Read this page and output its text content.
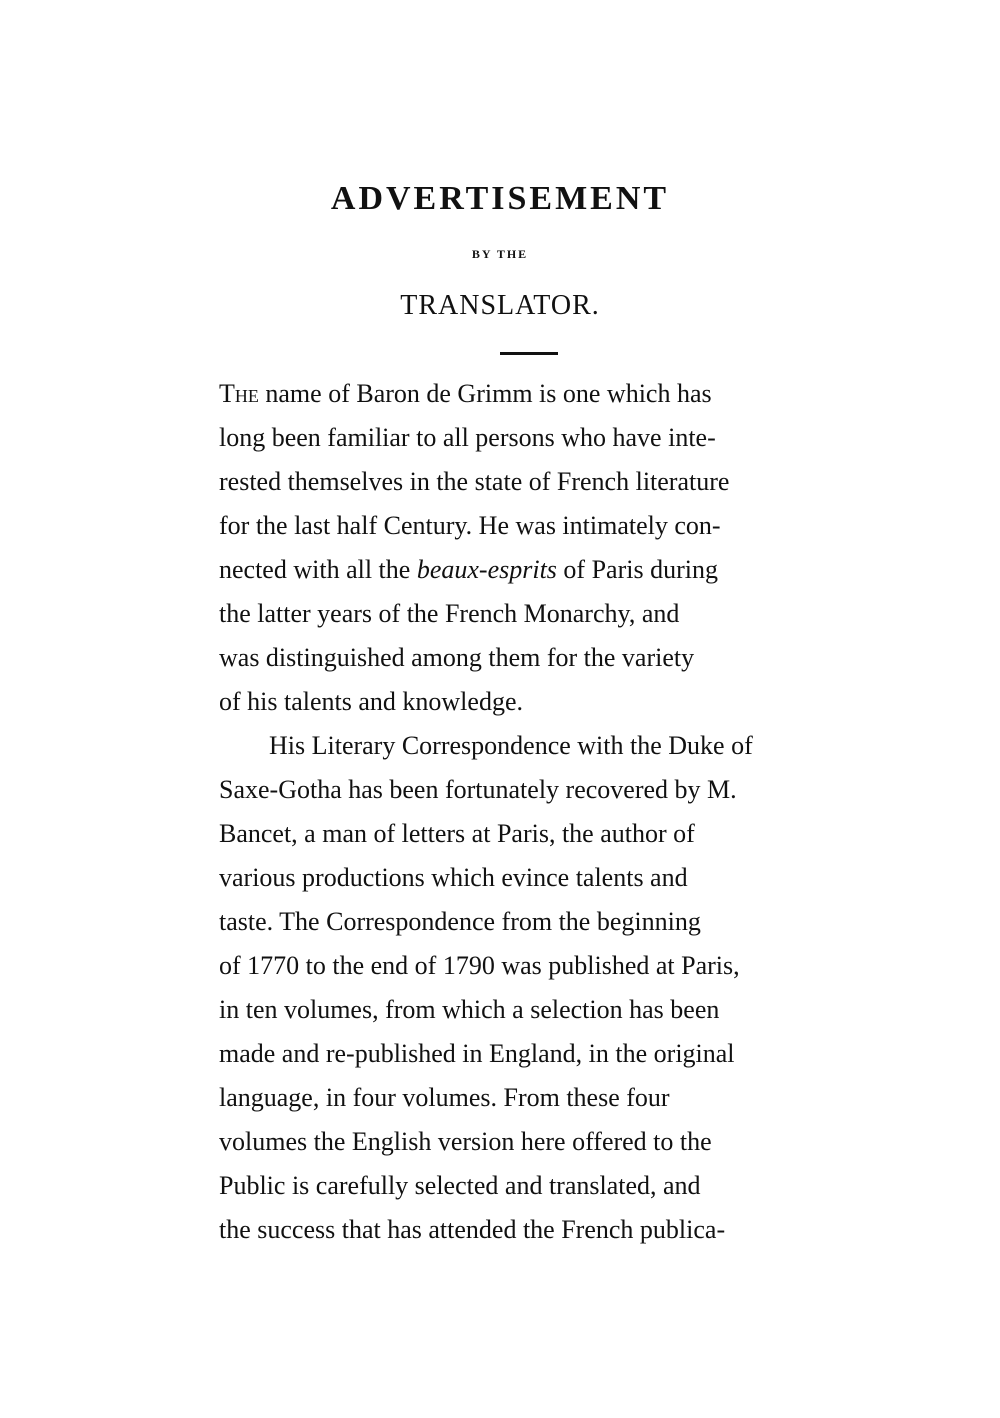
ADVERTISEMENT
BY THE
TRANSLATOR.
The name of Baron de Grimm is one which has
long been familiar to all persons who have inte-
rested themselves in the state of French literature
for the last half Century. He was intimately con-
nected with all the beaux-esprits of Paris during
the latter years of the French Monarchy, and
was distinguished among them for the variety
of his talents and knowledge.
His Literary Correspondence with the Duke of
Saxe-Gotha has been fortunately recovered by M.
Bancet, a man of letters at Paris, the author of
various productions which evince talents and
taste. The Correspondence from the beginning
of 1770 to the end of 1790 was published at Paris,
in ten volumes, from which a selection has been
made and re-published in England, in the original
language, in four volumes. From these four
volumes the English version here offered to the
Public is carefully selected and translated, and
the success that has attended the French publica-
